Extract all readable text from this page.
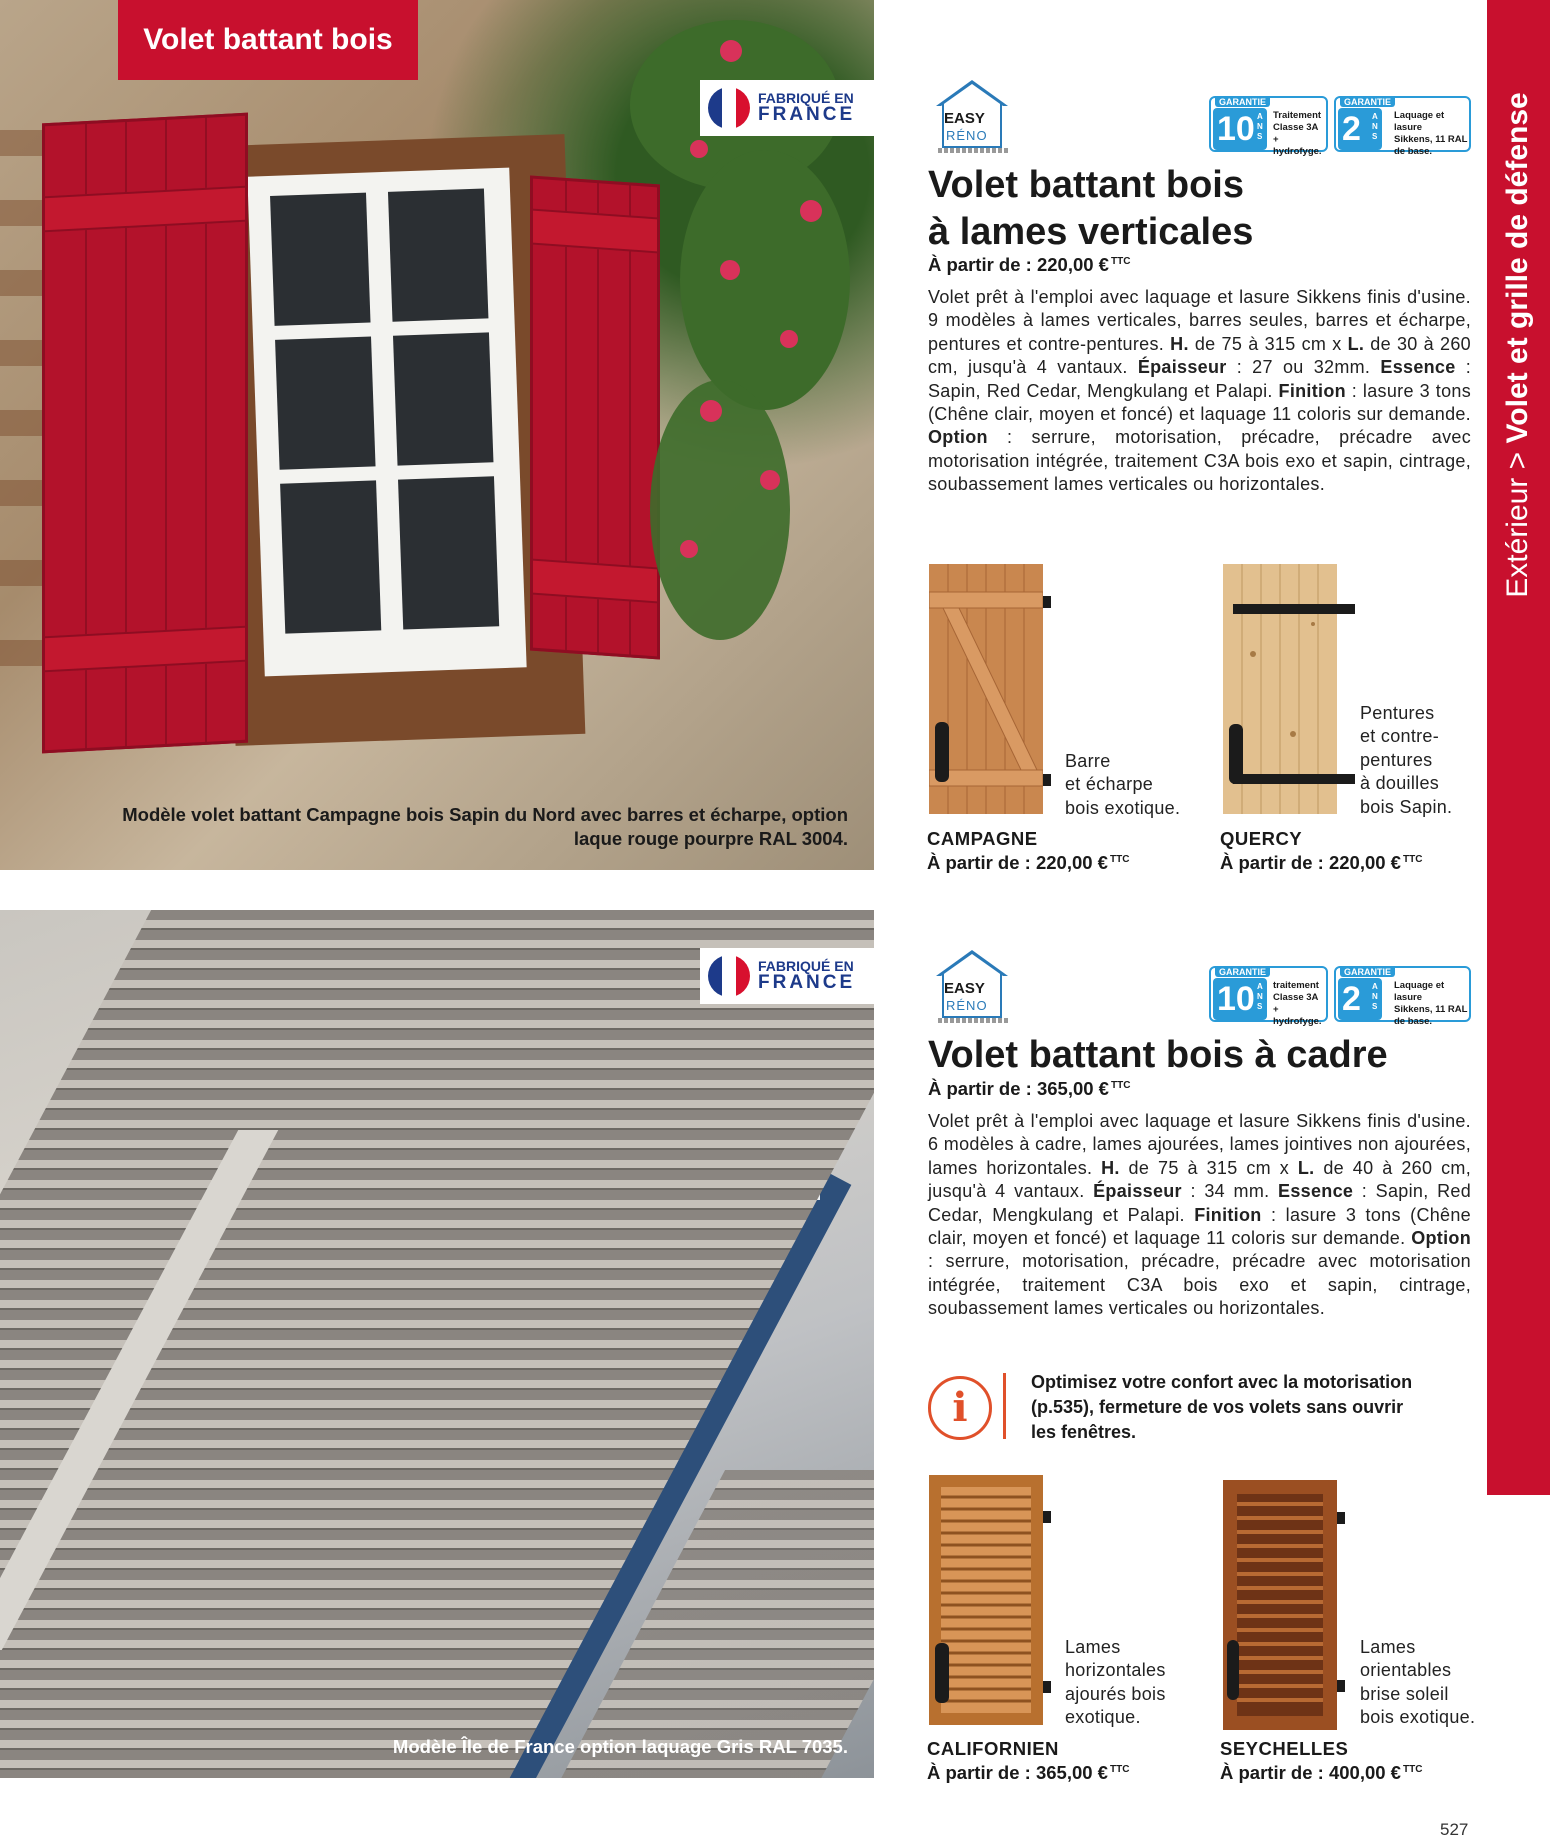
Volet battant bois
FABRIQUÉ EN
FRANCE
Modèle volet battant Campagne bois Sapin du Nord avec barres et écharpe, option
laque rouge pourpre RAL 3004.
FABRIQUÉ EN
FRANCE
Modèle Île de France option laquage Gris RAL 7035.
EASY
RÉNO
GARANTIE
10 A
N
S
Traitement
Classe 3A +
hydrofyge.
GARANTIE
2	A
N
S
Laquage et lasure
Sikkens, 11 RAL
de base.
Volet battant bois
à lames verticales
À partir de : 220,00 € $^{TTC}$
Volet prêt à l'emploi avec laquage et lasure Sikkens finis d'usine. 9 modèles à lames verticales, barres seules, barres et écharpe, pentures et contre-pentures. H. de 75 à 315 cm x L. de 30 à 260 cm, jusqu'à 4 vantaux. Épaisseur : 27 ou 32mm. Essence : Sapin, Red Cedar, Mengkulang et Palapi. Finition : lasure 3 tons (Chêne clair, moyen et foncé) et laquage 11 coloris sur demande. Option : serrure, motorisation, précadre, précadre avec motorisation intégrée, traitement C3A bois exo et sapin, cintrage, soubassement lames verticales ou horizontales.
Barre
et écharpe
bois exotique.
CAMPAGNE
À partir de : 220,00 € $^{TTC}$
Pentures
et contre-
pentures
à douilles
bois Sapin.
QUERCY
À partir de : 220,00 € $^{TTC}$
EASY
RÉNO
GARANTIE
10 A
N
S
traitement
Classe 3A +
hydrofyge.
GARANTIE
2	A
N
S
Laquage et lasure
Sikkens, 11 RAL
de base.
Volet battant bois à cadre
À partir de : 365,00 € $^{TTC}$
Volet prêt à l'emploi avec laquage et lasure Sikkens finis d'usine. 6 modèles à cadre, lames ajourées, lames jointives non ajourées, lames horizontales. H. de 75 à 315 cm x L. de 40 à 260 cm, jusqu'à 4 vantaux. Épaisseur : 34 mm. Essence : Sapin, Red Cedar, Mengkulang et Palapi. Finition : lasure 3 tons (Chêne clair, moyen et foncé) et laquage 11 coloris sur demande. Option : serrure, motorisation, précadre, précadre avec motorisation intégrée, traitement C3A bois exo et sapin, cintrage, soubassement lames verticales ou horizontales.
i
Optimisez votre confort avec la motorisation
(p.535), fermeture de vos volets sans ouvrir
les fenêtres.
Lames
horizontales
ajourés bois
exotique.
CALIFORNIEN
À partir de : 365,00 € $^{TTC}$
Lames
orientables
brise soleil
bois exotique.
SEYCHELLES
À partir de : 400,00 € $^{TTC}$
Extérieur > Volet et grille de défense
527
